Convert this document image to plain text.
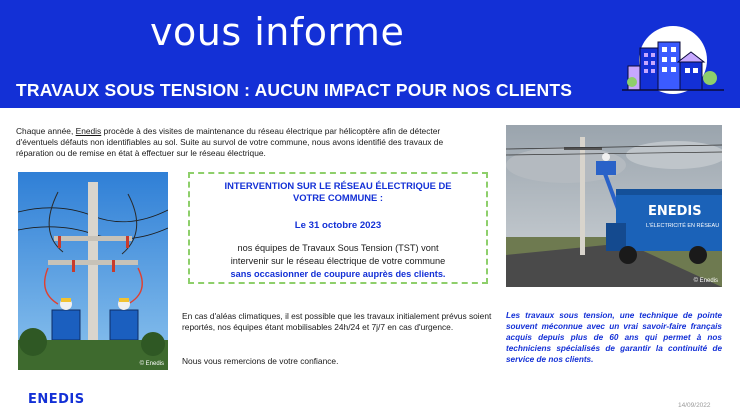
vous informe
TRAVAUX SOUS TENSION : AUCUN IMPACT POUR NOS CLIENTS
Chaque année, Enedis procède à des visites de maintenance du réseau électrique par hélicoptère afin de détecter d'éventuels défauts non identifiables au sol. Suite au survol de votre commune, nous avons identifié des travaux de réparation ou de remise en état à effectuer sur le réseau électrique.
© Enedis
INTERVENTION SUR LE RÉSEAU ÉLECTRIQUE DE
VOTRE COMMUNE :
Le 31 octobre 2023
nos équipes de Travaux Sous Tension (TST) vont
intervenir sur le réseau électrique de votre commune
sans occasionner de coupure auprès des clients.
En cas d'aléas climatiques, il est possible que les travaux initialement prévus soient reportés, nos équipes étant mobilisables 24h/24 et 7j/7 en cas d'urgence.
Nous vous remercions de votre confiance.
ENEDIS
L'ÉLECTRICITÉ EN RÉSEAU
© Enedis
Les travaux sous tension, une technique de pointe souvent méconnue avec un vrai savoir-faire français acquis depuis plus de 60 ans qui permet à nos techniciens spécialisés de garantir la continuité de service de nos clients.
ENEDIS	14/09/2022
